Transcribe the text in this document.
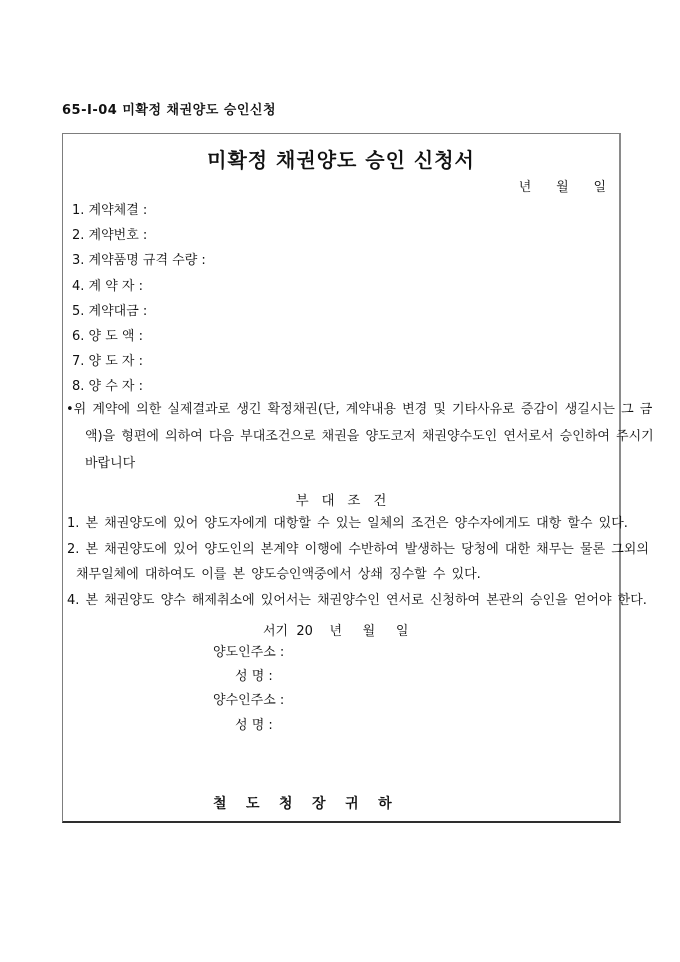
65-I-04 미확정 채권양도 승인신청
미확정 채권양도 승인 신청서
년      월      일
1. 계약체결 :
2. 계약번호 :
3. 계약품명 규격 수량 :
4. 계 약 자 :
5. 계약대금 :
6. 양 도 액 :
7. 양 도 자 :
8. 양 수 자 :
•위 계약에 의한 실제결과로 생긴 확정채권(단, 계약내용 변경 및 기타사유로 증감이 생길시는 그 금
액)을 형편에 의하여 다음 부대조건으로 채권을 양도코저 채권양수도인 연서로서 승인하여 주시기
바랍니다
부   대   조   건
1. 본 채권양도에 있어 양도자에게 대항할 수 있는 일체의 조건은 양수자에게도 대항 할수 있다.
2. 본 채권양도에 있어 양도인의 본계약 이행에 수반하여 발생하는 당청에 대한 채무는 물론 그외의
채무일체에 대하여도 이를 본 양도승인액중에서 상쇄 징수할 수 있다.
4. 본 채권양도 양수 해제취소에 있어서는 채권양수인 연서로 신청하여 본관의 승인을 얻어야 한다.
서기  20    년     월     일
양도인주소 :
성 명 :
양수인주소 :
성 명 :
철    도    청    장    귀    하
